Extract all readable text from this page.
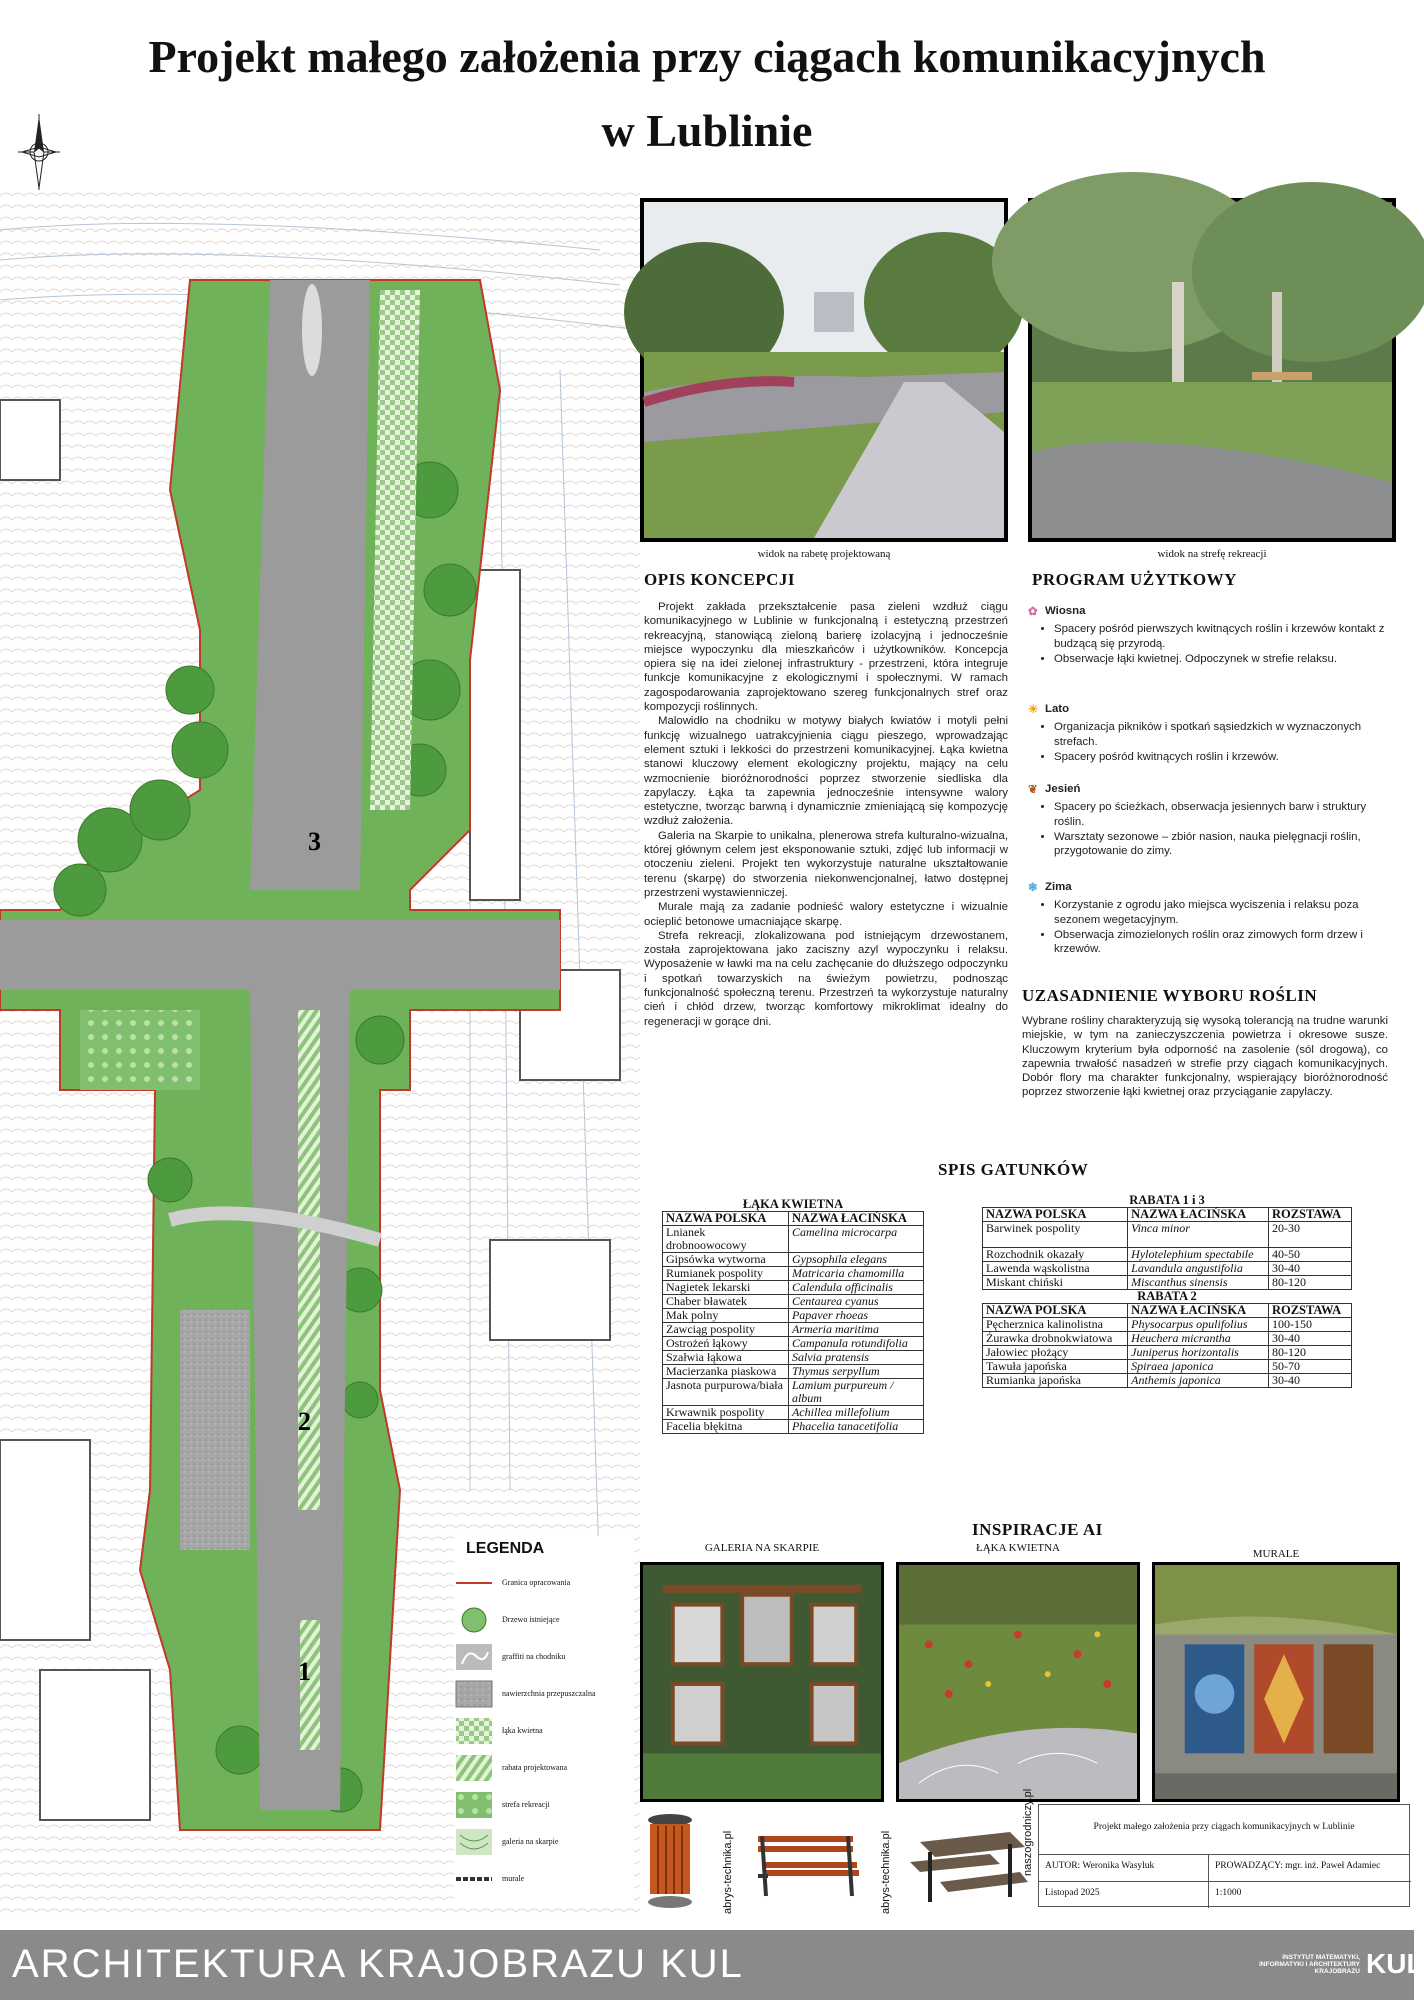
Projekt małego założenia przy ciągach komunikacyjnych
w Lublinie
3
2
1
LEGENDA
Granica opracowania
Drzewo istniejące
graffiti na chodniku
nawierzchnia przepuszczalna
łąka kwietna
rabata projektowana
strefa rekreacji
galeria na skarpie
murale
widok na rabetę projektowaną	widok na strefę rekreacji
OPIS KONCEPCJI

Projekt zakłada przekształcenie pasa zieleni wzdłuż ciągu komunikacyjnego w Lublinie w funkcjonalną i estetyczną przestrzeń rekreacyjną, stanowiącą zieloną barierę izolacyjną i jednocześnie miejsce wypoczynku dla mieszkańców i użytkowników. Koncepcja opiera się na idei zielonej infrastruktury - przestrzeni, która integruje funkcje komunikacyjne z ekologicznymi i społecznymi. W ramach zagospodarowania zaprojektowano szereg funkcjonalnych stref oraz kompozycji roślinnych.

Malowidło na chodniku w motywy białych kwiatów i motyli pełni funkcję wizualnego uatrakcyjnienia ciągu pieszego, wprowadzając element sztuki i lekkości do przestrzeni komunikacyjnej. Łąka kwietna stanowi kluczowy element ekologiczny projektu, mający na celu wzmocnienie bioróżnorodności poprzez stworzenie siedliska dla zapylaczy. Łąka ta zapewnia jednocześnie intensywne walory estetyczne, tworząc barwną i dynamicznie zmieniającą się kompozycję wzdłuż założenia.

Galeria na Skarpie to unikalna, plenerowa strefa kulturalno-wizualna, której głównym celem jest eksponowanie sztuki, zdjęć lub informacji w otoczeniu zieleni. Projekt ten wykorzystuje naturalne ukształtowanie terenu (skarpę) do stworzenia niekonwencjonalnej, łatwo dostępnej przestrzeni wystawienniczej.

Murale mają za zadanie podnieść walory estetyczne i wizualnie ocieplić betonowe umacniające skarpę.

Strefa rekreacji, zlokalizowana pod istniejącym drzewostanem, została zaprojektowana jako zaciszny azyl wypoczynku i relaksu. Wyposażenie w ławki ma na celu zachęcanie do dłuższego odpoczynku i spotkań towarzyskich na świeżym powietrzu, podnosząc funkcjonalność społeczną terenu. Przestrzeń ta wykorzystuje naturalny cień i chłód drzew, tworząc komfortowy mikroklimat idealny do regeneracji w gorące dni.

PROGRAM UŻYTKOWY
✿ Wiosna
• Spacery pośród pierwszych kwitnących roślin i krzewów kontakt z budzącą się przyrodą.
• Obserwacje łąki kwietnej. Odpoczynek w strefie relaksu.
☀ Lato
• Organizacja pikników i spotkań sąsiedzkich w wyznaczonych strefach.
• Spacery pośród kwitnących roślin i krzewów.
❦ Jesień
• Spacery po ścieżkach, obserwacja jesiennych barw i struktury roślin.
• Warsztaty sezonowe – zbiór nasion, nauka pielęgnacji roślin, przygotowanie do zimy.
❄ Zima
• Korzystanie z ogrodu jako miejsca wyciszenia i relaksu poza sezonem wegetacyjnym.
• Obserwacja zimozielonych roślin oraz zimowych form drzew i krzewów.
UZASADNIENIE WYBORU ROŚLIN
Wybrane rośliny charakteryzują się wysoką tolerancją na trudne warunki miejskie, w tym na zanieczyszczenia powietrza i okresowe susze. Kluczowym kryterium była odporność na zasolenie (sól drogową), co zapewnia trwałość nasadzeń w strefie przy ciągach komunikacyjnych. Dobór flory ma charakter funkcjonalny, wspierający bioróżnorodność poprzez stworzenie łąki kwietnej oraz przyciąganie zapylaczy.
SPIS GATUNKÓW
ŁĄKA KWIETNA	
NAZWA POLSKA	NAZWA ŁACIŃSKA
Lnianek drobnoowocowy	Camelina microcarpa
Gipsówka wytworna	Gypsophila elegans
Rumianek pospolity	Matricaria chamomilla
Nagietek lekarski	Calendula officinalis
Chaber bławatek	Centaurea cyanus
Mak polny	Papaver rhoeas
Zawciąg pospolity	Armeria maritima
Ostrożeń łąkowy	Campanula rotundifolia
Szałwia łąkowa	Salvia pratensis
Macierzanka piaskowa	Thymus serpyllum
Jasnota purpurowa/biała	Lamium purpureum / album
Krwawnik pospolity	Achillea millefolium
Facelia błękitna	Phacelia tanacetifolia
RABATA 1 i 3		
NAZWA POLSKA	NAZWA ŁACIŃSKA	ROZSTAWA
Barwinek pospolity	Vinca minor	20-30
Rozchodnik okazały	Hylotelephium spectabile	40-50
Lawenda wąskolistna	Lavandula angustifolia	30-40
Miskant chiński	Miscanthus sinensis	80-120
RABATA 2		
NAZWA POLSKA	NAZWA ŁACIŃSKA	ROZSTAWA
Pęcherznica kalinolistna	Physocarpus opulifolius	100-150
Żurawka drobnokwiatowa	Heuchera micrantha	30-40
Jałowiec płożący	Juniperus horizontalis	80-120
Tawuła japońska	Spiraea japonica	50-70
Rumianka japońska	Anthemis japonica	30-40
INSPIRACJE AI
GALERIA NA SKARPIE	ŁĄKA KWIETNA	MURALE
abrys-technika.pl	abrys-technika.pl	naszogrodniczy.pl	Projekt małego założenia przy ciągach komunikacyjnych w Lublinie
AUTOR: Weronika Wasyluk	PROWADZĄCY: mgr. inż. Paweł Adamiec
Listopad 2025	1:1000
ARCHITEKTURA KRAJOBRAZU KUL	INSTYTUT MATEMATYKI, INFORMATYKI I ARCHITEKTURY KRAJOBRAZU KUL
